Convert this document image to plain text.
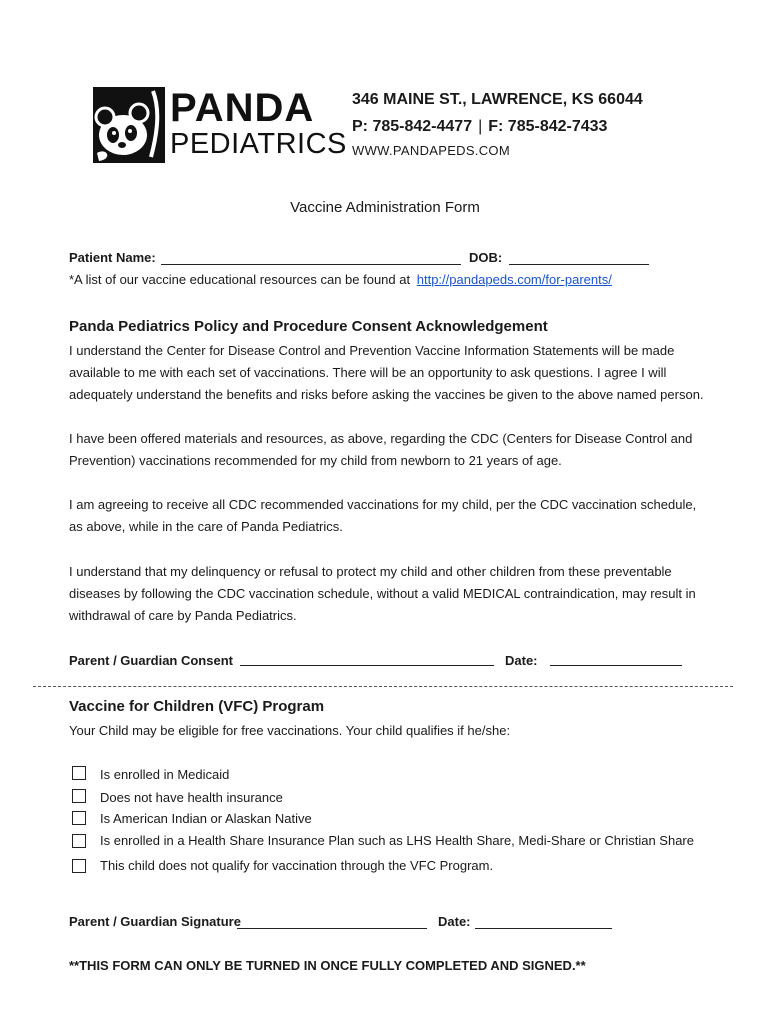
PANDA
PEDIATRICS
346 MAINE ST., LAWRENCE, KS 66044
P: 785-842-4477 | F: 785-842-7433
WWW.PANDAPEDS.COM
Vaccine Administration Form
Patient Name:	DOB:
*A list of our vaccine educational resources can be found at http://pandapeds.com/for-parents/
Panda Pediatrics Policy and Procedure Consent Acknowledgement

I understand the Center for Disease Control and Prevention Vaccine Information Statements will be made available to me with each set of vaccinations. There will be an opportunity to ask questions. I agree I will adequately understand the benefits and risks before asking the vaccines be given to the above named person.

I have been offered materials and resources, as above, regarding the CDC (Centers for Disease Control and Prevention) vaccinations recommended for my child from newborn to 21 years of age.

I am agreeing to receive all CDC recommended vaccinations for my child, per the CDC vaccination schedule, as above, while in the care of Panda Pediatrics.

I understand that my delinquency or refusal to protect my child and other children from these preventable diseases by following the CDC vaccination schedule, without a valid MEDICAL contraindication, may result in withdrawal of care by Panda Pediatrics.

Parent / Guardian Consent	Date:
Vaccine for Children (VFC) Program
Your Child may be eligible for free vaccinations. Your child qualifies if he/she:
Is enrolled in Medicaid
Does not have health insurance
Is American Indian or Alaskan Native
Is enrolled in a Health Share Insurance Plan such as LHS Health Share, Medi-Share or Christian Share
This child does not qualify for vaccination through the VFC Program.
Parent / Guardian Signature	Date:
**THIS FORM CAN ONLY BE TURNED IN ONCE FULLY COMPLETED AND SIGNED.**
